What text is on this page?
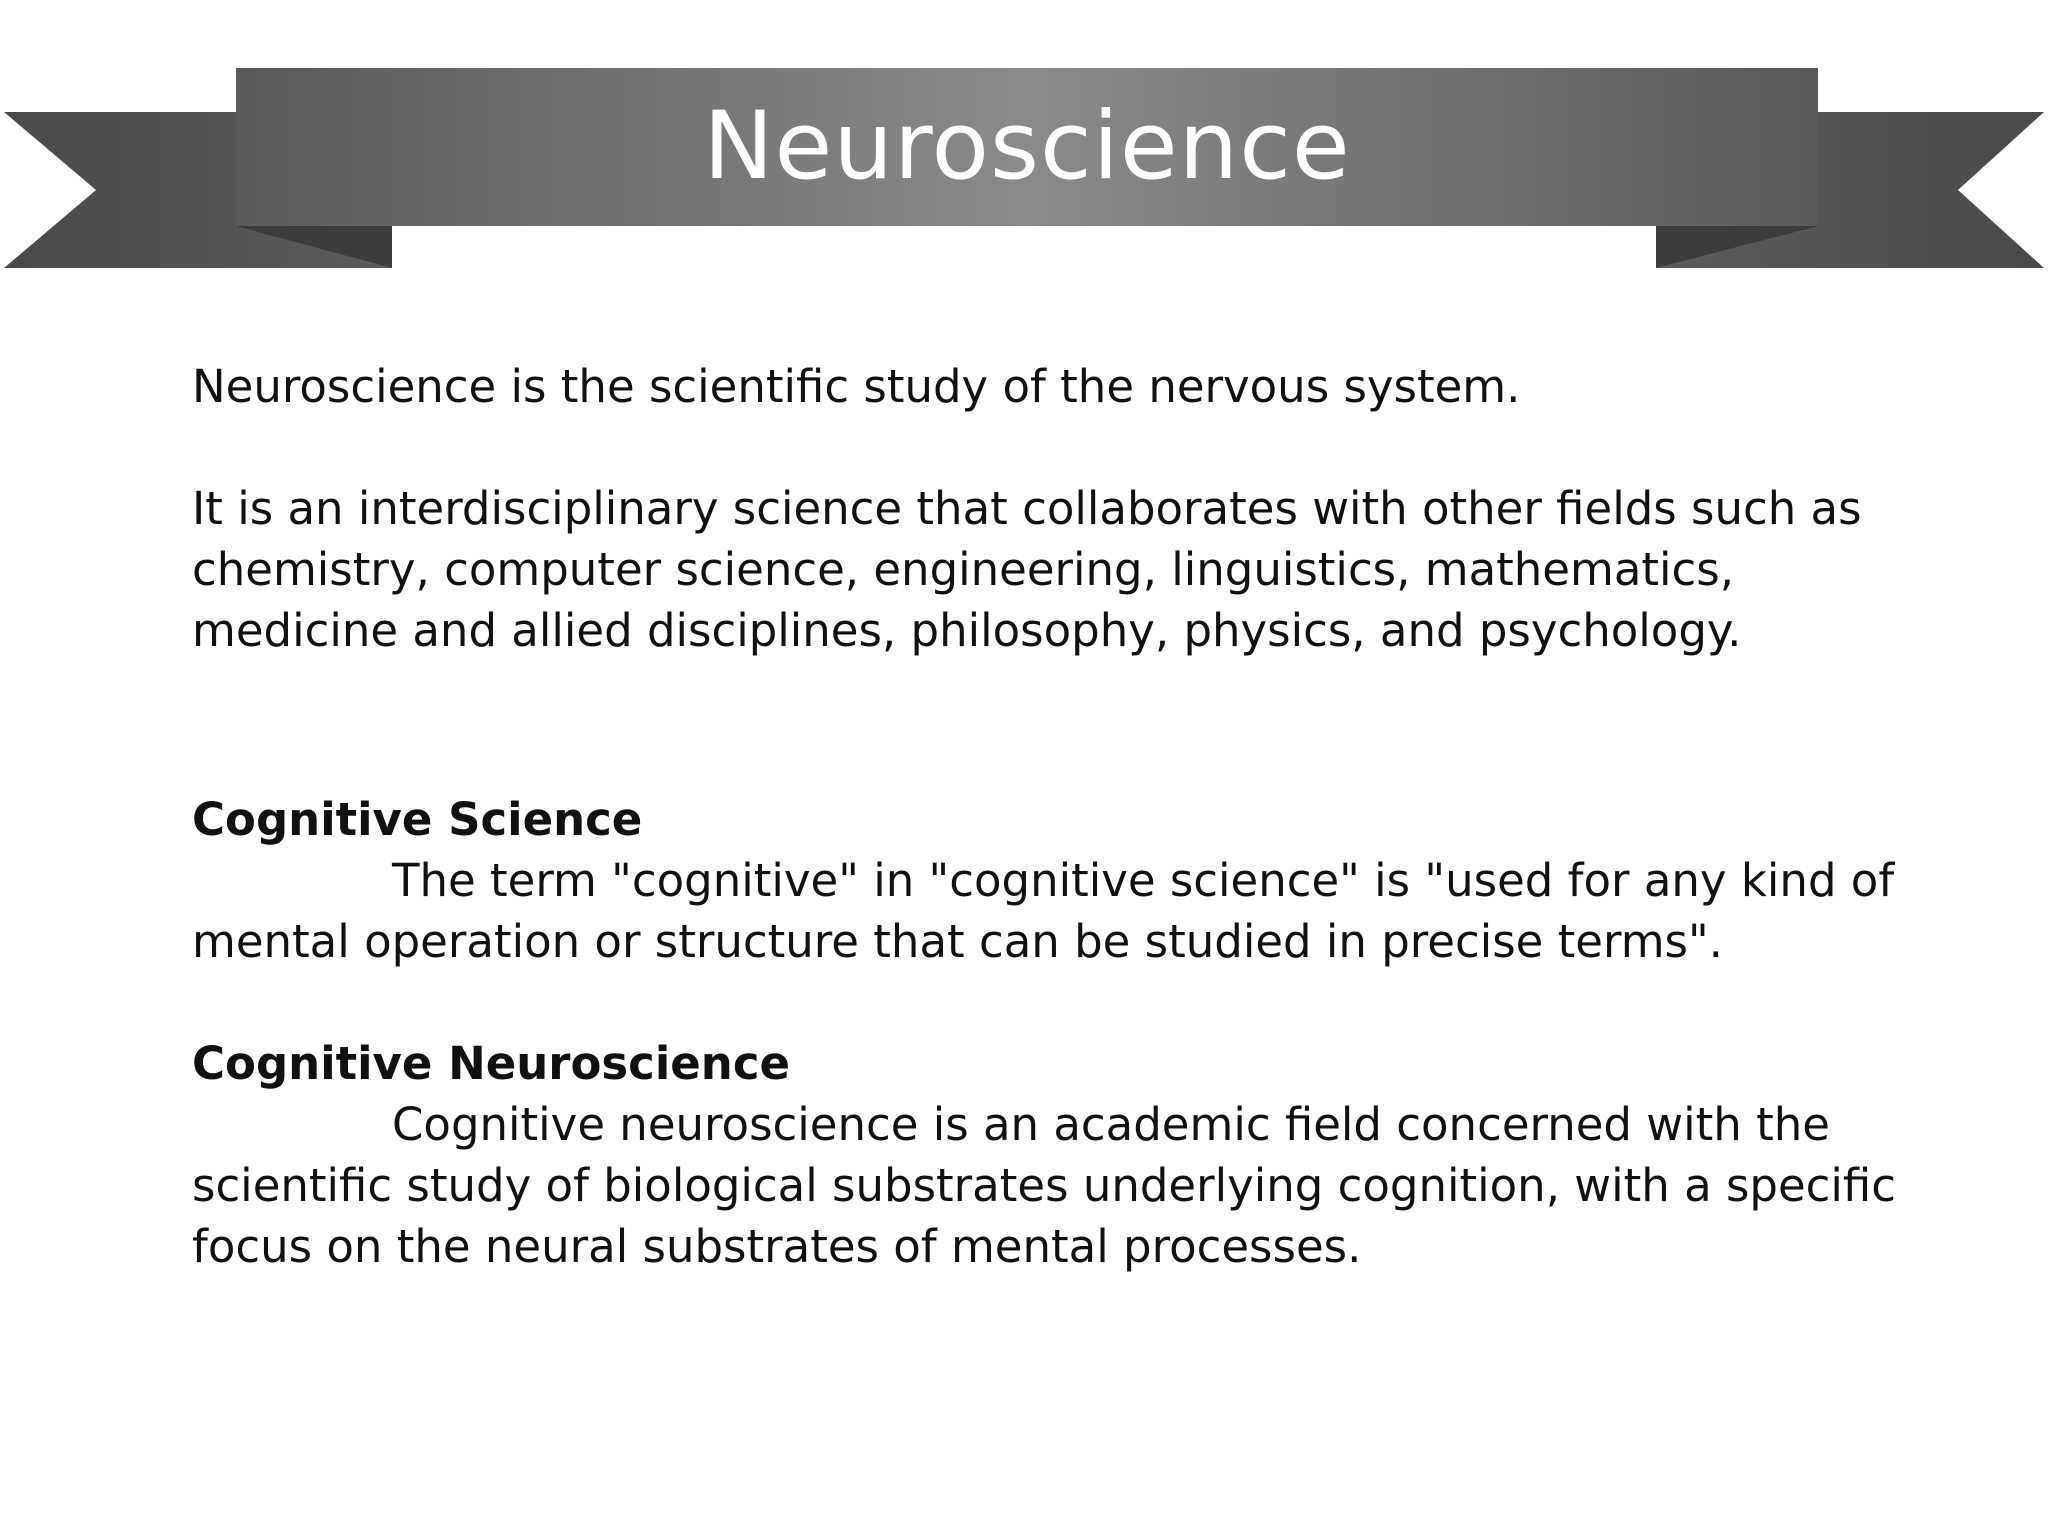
Neuroscience

Neuroscience is the scientific study of the nervous system.

It is an interdisciplinary science that collaborates with other fields such as chemistry, computer science, engineering, linguistics, mathematics, medicine and allied disciplines, philosophy, physics, and psychology.

Cognitive Science

The term "cognitive" in "cognitive science" is "used for any kind of mental operation or structure that can be studied in precise terms".

Cognitive Neuroscience

Cognitive neuroscience is an academic field concerned with the scientific study of biological substrates underlying cognition, with a specific focus on the neural substrates of mental processes.
